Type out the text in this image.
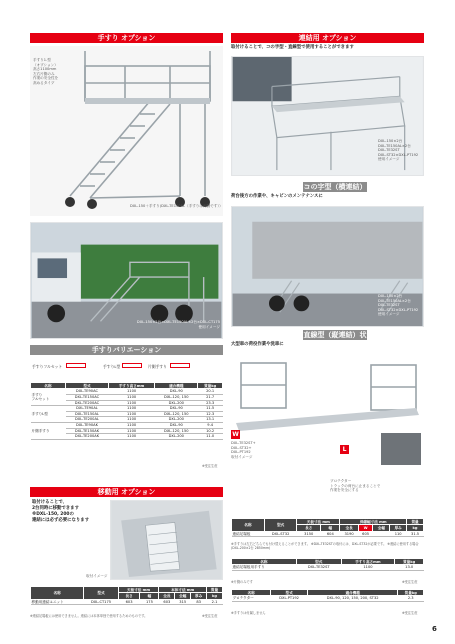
手すり オプション
手すり1.型
（オプション）
高さ1100mm
左右片側のみ
作業の安全性を
高めるタイプ
DXL-150＋手すり(DXL-TE150AL（手すりは両側です））
DXL-150×2台×DXL-TE150AL×2台×DXL-CT175
使用イメージ
手すりバリエーション
手すりフルセット	手すりL型	片側手すり
名称	型式	手すり高さmm	適合機種	質量kg
手すり
フルセット	DXL-TE90AC	1100	DXL-90	20.1
	DXL-TE150AC	1100	DXL-120, 150	21.7
	DXL-TE200AC	1100	DXL-200	23.3
手すりL型	DXL-TE90AL	1100	DXL-90	11.5
	DXL-TE150AL	1100	DXL-120, 150	12.3
	DXL-TE200AL	1100	DXL-200	13.1
片側手すり	DXL-TE90AK	1100	DXL-90	9.4
	DXL-TE150AK	1100	DXL-120, 150	10.2
	DXL-TE200AK	1100	DXL-200	11.0
※受注生産
移動用 オプション
取付けることで、
2台同時に移動できます
※DXL-150, 200の
連結には必ず必要になります
取付イメージ
名称	型式	天板寸法 mm		本体寸法 mm			質量
		長さ	幅	全長	全幅	厚み	kg
移動用連結ユニット	DXL-CT175	603	175	603	315	83	2.1
※連結足場板には使用できません。連結には本体単独で使用するためのものです。	※受注生産
連結用 オプション
取付けることで、コの字型・直線型で使用することができます
DXL-150×2台
DXL-TE150AL×2台
DXL-TE32ST
DXL-ST32×DXL-PT192
使用イメージ
コの字型（横連結）状態
荷台後方の作業や、キャビンのメンテナンスに
DXL-150×2台
DXL-TE150AL×2台
DXL-TE32ST
DXL-ST32×DXL-PT192
使用イメージ
直線型（縦連結）状態
大型車の荷役作業や洗車に
W
L
DXL-TE32ST+
DXL-ST32+
DXL-PT192
取付イメージ
プロテクター
トラックの荷台に止まることで
作業を安全にする
名称	型式	天板寸法 mm		伸縮幅寸法 mm				質量
		長さ	幅	全長	W	全幅	厚み	kg
連結足場板	DXL-ST32	3150	604	3190	605		110	31.5
※手すりは左右どちらでも付け替えることができます。 ※DXL-TE32STの取付には、DXL-ST32が必要です。 ※連結に使用する場合 (DXL-200×2台 2850mm)
名称	型式	手すり高さmm	質量kg
連結足場板用手すり	DXL-TE32ST	1100	13.0
※片側のみです	※受注生産
名称	型式	適合機種	質量kg
プロテクター	DXL-PT192	DXL-90, 120, 150, 200, ST32	2.3
※手すりは付属しません	※受注生産
6
